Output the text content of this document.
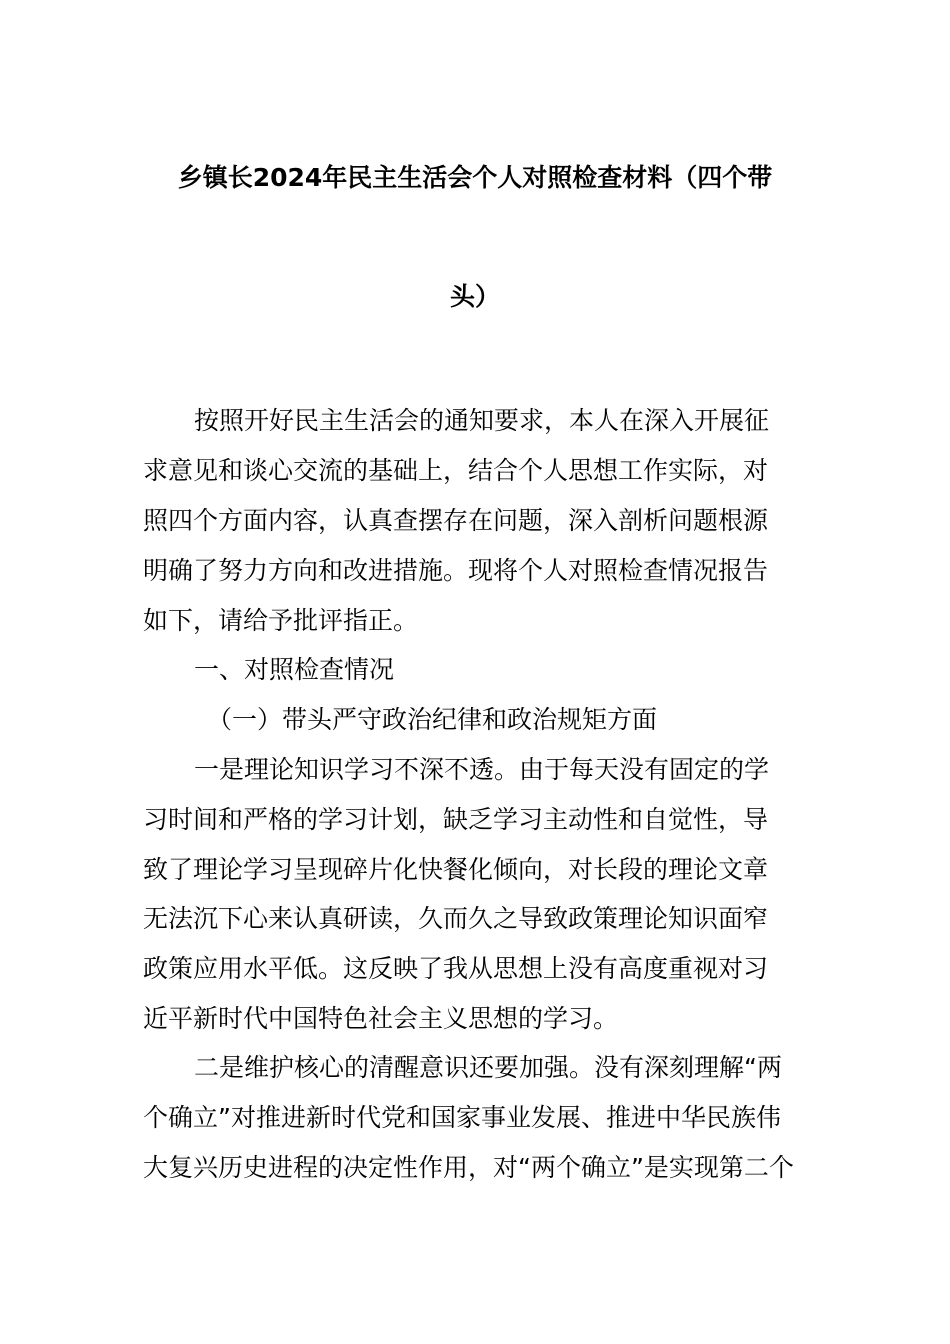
乡镇长2024年民主生活会个人对照检查材料（四个带
头）
按照开好民主生活会的通知要求，本人在深入开展征
求意见和谈心交流的基础上，结合个人思想工作实际，对
照四个方面内容，认真查摆存在问题，深入剖析问题根源
明确了努力方向和改进措施。现将个人对照检查情况报告
如下，请给予批评指正。
一、对照检查情况
（一）带头严守政治纪律和政治规矩方面
一是理论知识学习不深不透。由于每天没有固定的学
习时间和严格的学习计划，缺乏学习主动性和自觉性，导
致了理论学习呈现碎片化快餐化倾向，对长段的理论文章
无法沉下心来认真研读，久而久之导致政策理论知识面窄
政策应用水平低。这反映了我从思想上没有高度重视对习
近平新时代中国特色社会主义思想的学习。
二是维护核心的清醒意识还要加强。没有深刻理解“两
个确立”对推进新时代党和国家事业发展、推进中华民族伟
大复兴历史进程的决定性作用，对“两个确立”是实现第二个
